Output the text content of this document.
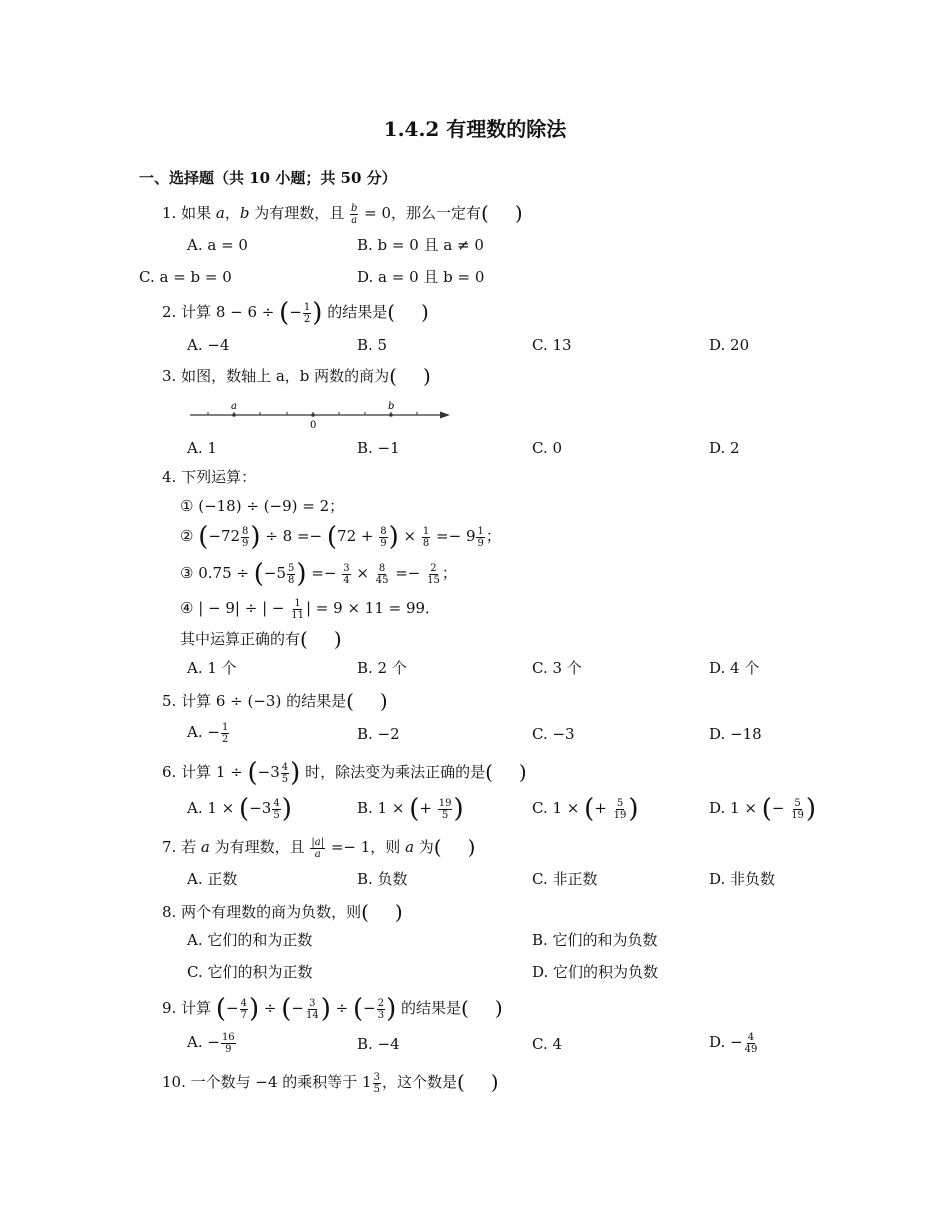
1.4.2 有理数的除法
一、选择题（共 10 小题；共 50 分）
1. 如果 a，b 为有理数，且 $\frac{b}{a} = 0$，那么一定有( )
A. a = 0	B. b = 0 且 a ≠ 0
C. a = b = 0	D. a = 0 且 b = 0
2. 计算 8 − 6 ÷ (− $\frac{1}{2}$ ) 的结果是( )
A. −4	B. 5	C. 13	D. 20
3. 如图，数轴上 a，b 两数的商为( )
a
0
b
A. 1	B. −1	C. 0	D. 2
4. 下列运算：
① (−18) ÷ (−9) = 2；
② ($-72 \frac{8}{9}$ ) ÷ $8 =- (72 + \frac{8}{9}$ ) × $\frac{1}{8} =- 9 \frac{1}{9}$ ；
③ $0.75 \div (-5 \frac{5}{8}$ ) =− $\frac{3}{4} \times \frac{8}{45} =- \frac{2}{15}$ ；
④ | − 9| ÷ | − $\frac{1}{11}$ | = 9 × 11 = 99．
其中运算正确的有( )
A. 1 个	B. 2 个	C. 3 个	D. 4 个
5. 计算 6 ÷ (−3) 的结果是( )
A. − $\frac{1}{2}$	B. −2	C. −3	D. −18
6. 计算 $1 \div (-3 \frac{4}{5}$ ) 时，除法变为乘法正确的是( )
A. $1 \times (-3 \frac{4}{5}$ )	B. 1 × (+ $\frac{19}{5}$ )	C. 1 × (+ $\frac{5}{19}$ )	D. 1 × (− $\frac{5}{19}$ )
7. 若 a 为有理数，且 $\frac{|a|}{a} =- 1$，则 a 为( )
A. 正数	B. 负数	C. 非正数	D. 非负数
8. 两个有理数的商为负数，则( )
A. 它们的和为正数	B. 它们的和为负数
C. 它们的积为正数	D. 它们的积为负数
9. 计算 (− $\frac{4}{7}$ ) ÷ (− $\frac{3}{14}$ ) ÷ (− $\frac{2}{3}$ ) 的结果是( )
A. − $\frac{16}{9}$	B. −4	C. 4	D. − $\frac{4}{49}$
10. 一个数与 −4 的乘积等于 $1 \frac{3}{5}$ ，这个数是( )
